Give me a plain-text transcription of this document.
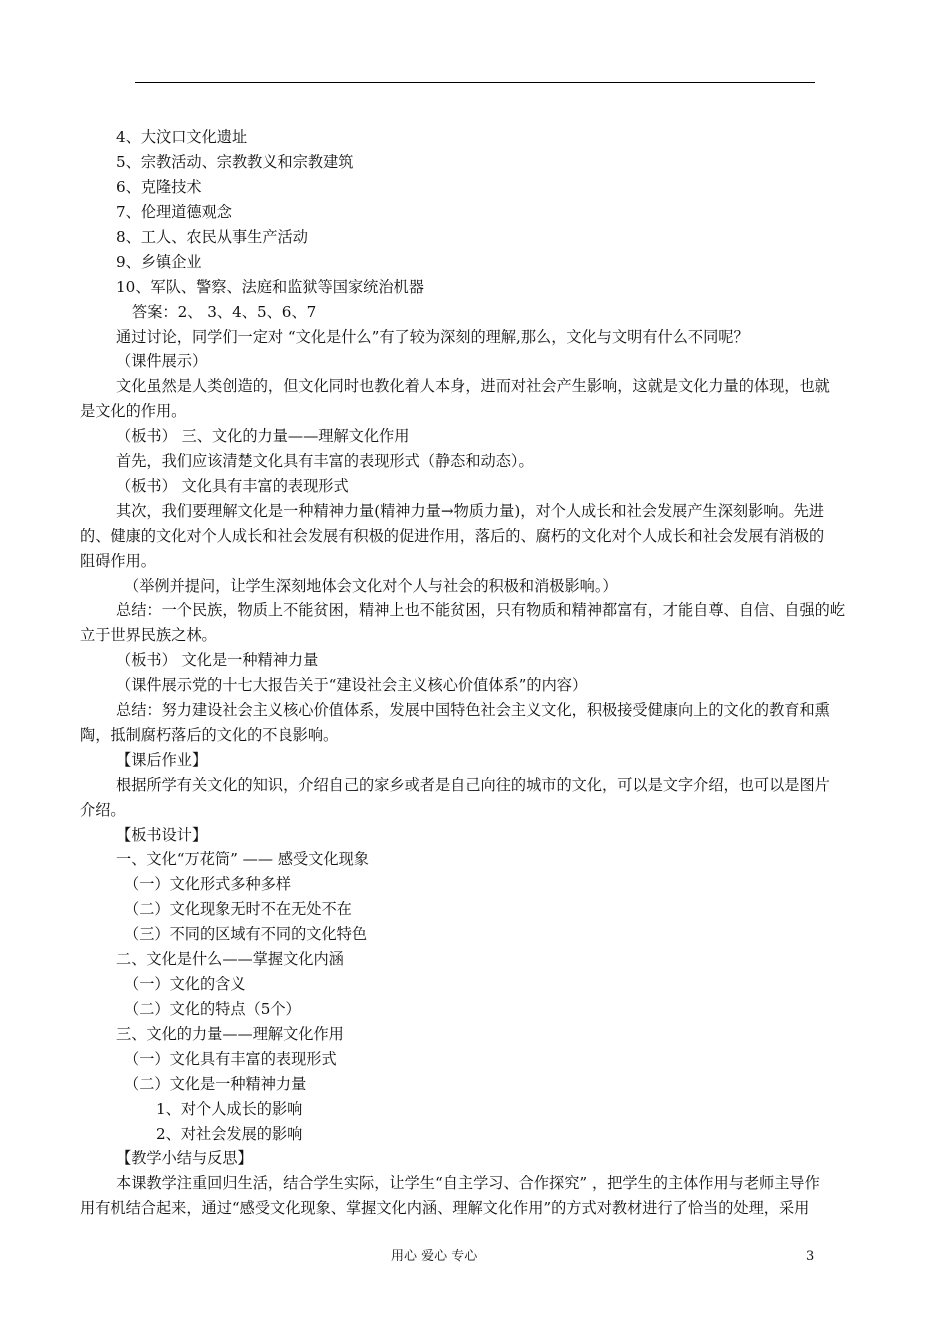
4、大汶口文化遗址
5、宗教活动、宗教教义和宗教建筑
6、克隆技术
7、伦理道德观念
8、工人、农民从事生产活动
9、乡镇企业
10、军队、警察、法庭和监狱等国家统治机器
答案：2、 3、4、5、6、7
通过讨论，同学们一定对 “文化是什么”有了较为深刻的理解,那么，文化与文明有什么不同呢？
（课件展示）
文化虽然是人类创造的，但文化同时也教化着人本身，进而对社会产生影响，这就是文化力量的体现，也就
是文化的作用。
（板书） 三、文化的力量——理解文化作用
首先，我们应该清楚文化具有丰富的表现形式（静态和动态）。
（板书） 文化具有丰富的表现形式
其次，我们要理解文化是一种精神力量(精神力量→物质力量)，对个人成长和社会发展产生深刻影响。先进
的、健康的文化对个人成长和社会发展有积极的促进作用，落后的、腐朽的文化对个人成长和社会发展有消极的
阻碍作用。
（举例并提问，让学生深刻地体会文化对个人与社会的积极和消极影响。）
总结：一个民族，物质上不能贫困，精神上也不能贫困，只有物质和精神都富有，才能自尊、自信、自强的屹
立于世界民族之林。
（板书） 文化是一种精神力量
（课件展示党的十七大报告关于“建设社会主义核心价值体系”的内容）
总结：努力建设社会主义核心价值体系，发展中国特色社会主义文化，积极接受健康向上的文化的教育和熏
陶，抵制腐朽落后的文化的不良影响。
【课后作业】
根据所学有关文化的知识，介绍自己的家乡或者是自己向往的城市的文化，可以是文字介绍，也可以是图片
介绍。
【板书设计】
一、文化“万花筒” —— 感受文化现象
（一）文化形式多种多样
（二）文化现象无时不在无处不在
（三）不同的区域有不同的文化特色
二、文化是什么——掌握文化内涵
（一）文化的含义
（二）文化的特点（5个）
三、文化的力量——理解文化作用
（一）文化具有丰富的表现形式
（二）文化是一种精神力量
1、对个人成长的影响
2、对社会发展的影响
【教学小结与反思】
本课教学注重回归生活，结合学生实际，让学生“自主学习、合作探究” ，把学生的主体作用与老师主导作
用有机结合起来，通过“感受文化现象、掌握文化内涵、理解文化作用”的方式对教材进行了恰当的处理，采用
用心 爱心 专心	3
